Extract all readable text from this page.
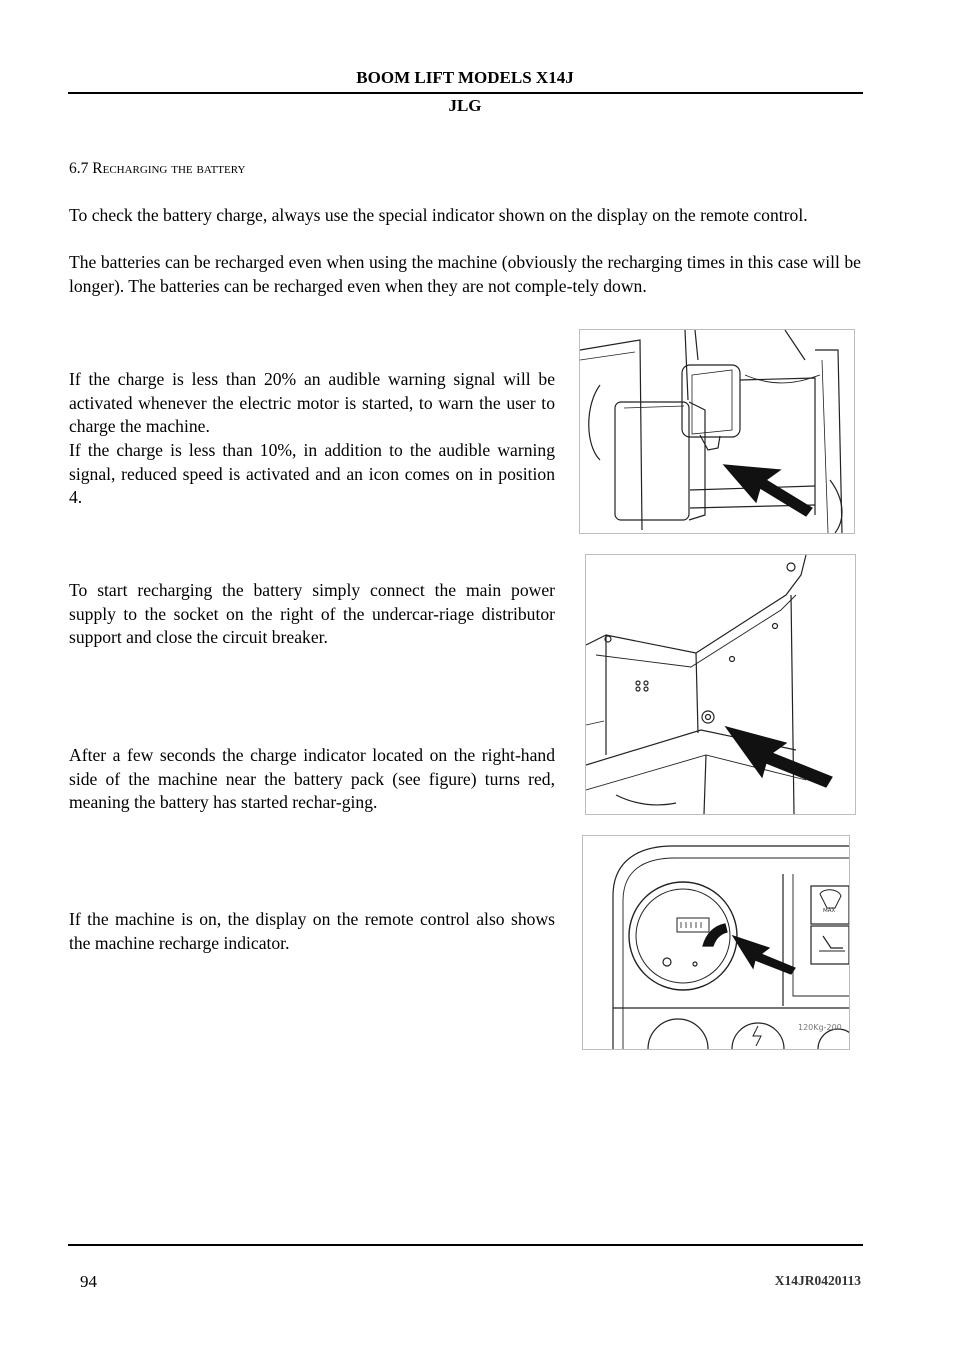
BOOM LIFT MODELS X14J
JLG
6.7 Recharging the battery

To check the battery charge, always use the special indicator shown on the display on the remote control.

The batteries can be recharged even when using the machine (obviously the recharging times in this case will be longer). The batteries can be recharged even when they are not comple-tely down.

If the charge is less than 20% an audible warning signal will be activated whenever the electric motor is started, to warn the user to charge the machine.

If the charge is less than 10%, in addition to the audible warning signal, reduced speed is activated and an icon comes on in position 4.

To start recharging the battery simply connect the main power supply to the socket on the right of the undercar-riage distributor support and close the circuit breaker.

After a few seconds the charge indicator located on the right-hand side of the machine near the battery pack (see figure) turns red, meaning the battery has started rechar-ging.

If the machine is on, the display on the remote control also shows the machine recharge indicator.

MAX
120Kg-200
94	X14JR0420113
